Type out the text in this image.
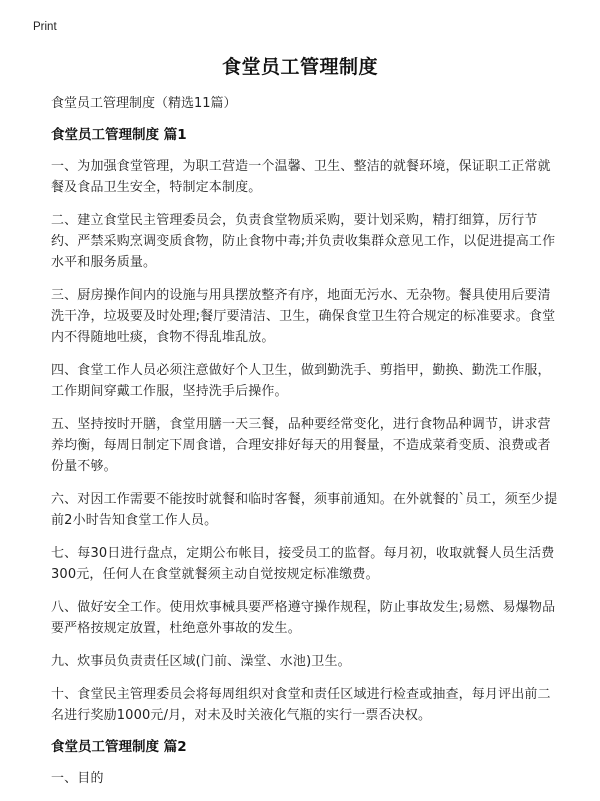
Print
食堂员工管理制度
食堂员工管理制度（精选11篇）
食堂员工管理制度 篇1
一、为加强食堂管理，为职工营造一个温馨、卫生、整洁的就餐环境，保证职工正常就餐及食品卫生安全，特制定本制度。
二、建立食堂民主管理委员会，负责食堂物质采购，要计划采购，精打细算，厉行节约、严禁采购烹调变质食物，防止食物中毒;并负责收集群众意见工作，以促进提高工作水平和服务质量。
三、厨房操作间内的设施与用具摆放整齐有序，地面无污水、无杂物。餐具使用后要清洗干净，垃圾要及时处理;餐厅要清洁、卫生，确保食堂卫生符合规定的标准要求。食堂内不得随地吐痰，食物不得乱堆乱放。
四、食堂工作人员必须注意做好个人卫生，做到勤洗手、剪指甲，勤换、勤洗工作服，工作期间穿戴工作服，坚持洗手后操作。
五、坚持按时开膳，食堂用膳一天三餐，品种要经常变化，进行食物品种调节，讲求营养均衡，每周日制定下周食谱，合理安排好每天的用餐量，不造成菜肴变质、浪费或者份量不够。
六、对因工作需要不能按时就餐和临时客餐，须事前通知。在外就餐的`员工，须至少提前2小时告知食堂工作人员。
七、每30日进行盘点，定期公布帐目，接受员工的监督。每月初，收取就餐人员生活费300元，任何人在食堂就餐须主动自觉按规定标准缴费。
八、做好安全工作。使用炊事械具要严格遵守操作规程，防止事故发生;易燃、易爆物品要严格按规定放置，杜绝意外事故的发生。
九、炊事员负责责任区域(门前、澡堂、水池)卫生。
十、食堂民主管理委员会将每周组织对食堂和责任区域进行检查或抽查，每月评出前二名进行奖励1000元/月，对未及时关液化气瓶的实行一票否决权。
食堂员工管理制度 篇2
一、目的
